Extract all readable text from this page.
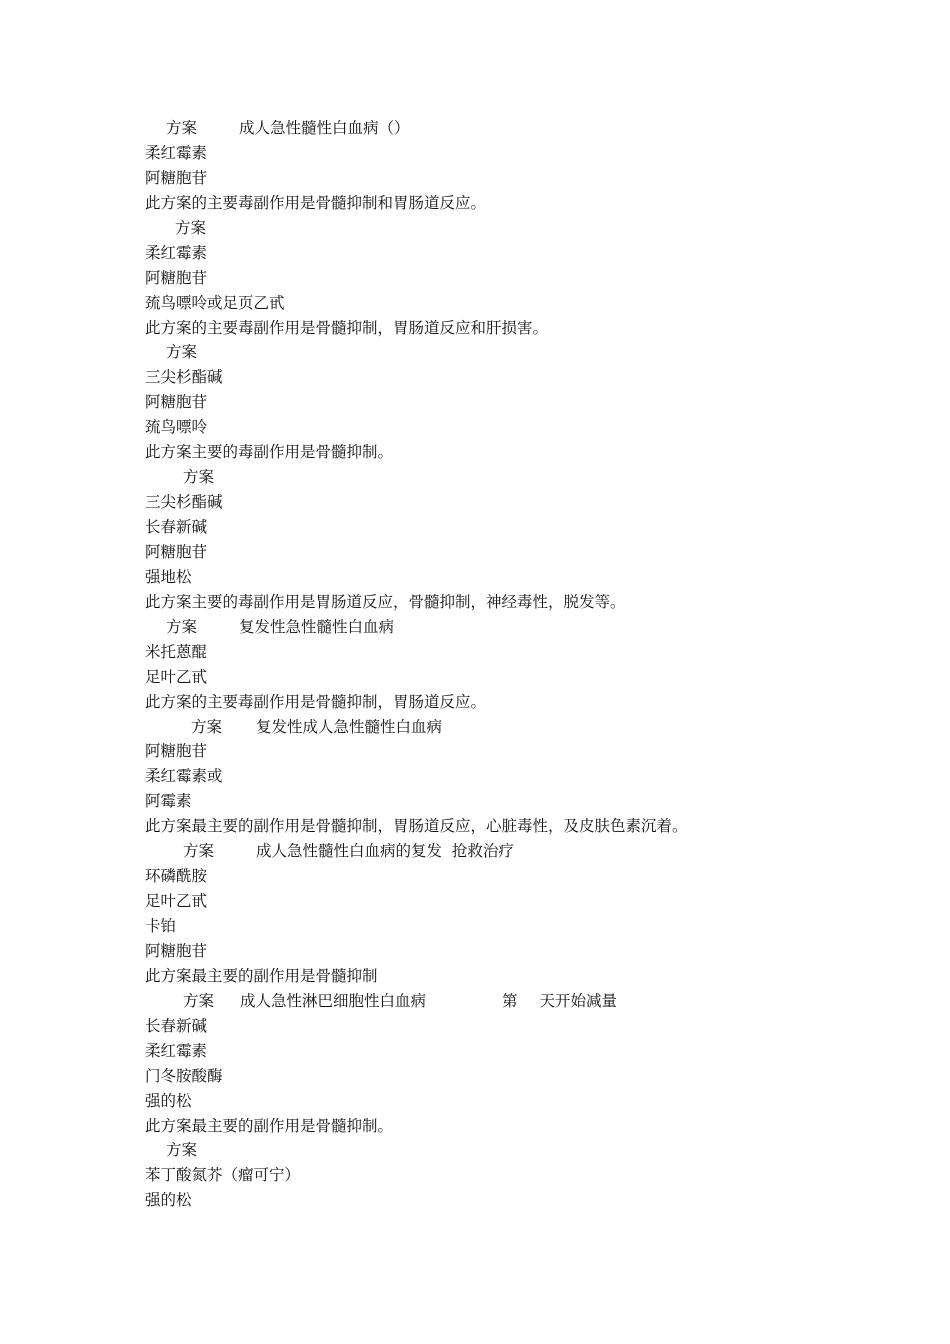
方案	成人急性髓性白血病（）
柔红霉素
阿糖胞苷
此方案的主要毒副作用是骨髓抑制和胃肠道反应。
方案
柔红霉素
阿糖胞苷
巯鸟嘌呤或足页乙甙
此方案的主要毒副作用是骨髓抑制，胃肠道反应和肝损害。
方案
三尖杉酯碱
阿糖胞苷
巯鸟嘌呤
此方案主要的毒副作用是骨髓抑制。
方案
三尖杉酯碱
长春新碱
阿糖胞苷
强地松
此方案主要的毒副作用是胃肠道反应，骨髓抑制，神经毒性，脱发等。
方案	复发性急性髓性白血病
米托蒽醌
足叶乙甙
此方案的主要毒副作用是骨髓抑制，胃肠道反应。
方案 复发性成人急性髓性白血病
阿糖胞苷
柔红霉素或
阿霉素
此方案最主要的副作用是骨髓抑制，胃肠道反应，心脏毒性，及皮肤色素沉着。
方案	成人急性髓性白血病的复发  抢救治疗
环磷酰胺
足叶乙甙
卡铂
阿糖胞苷
此方案最主要的副作用是骨髓抑制
方案 成人急性淋巴细胞性白血病	第 天开始减量
长春新碱
柔红霉素
门冬胺酸酶
强的松
此方案最主要的副作用是骨髓抑制。
方案
苯丁酸氮芥（瘤可宁）
强的松
